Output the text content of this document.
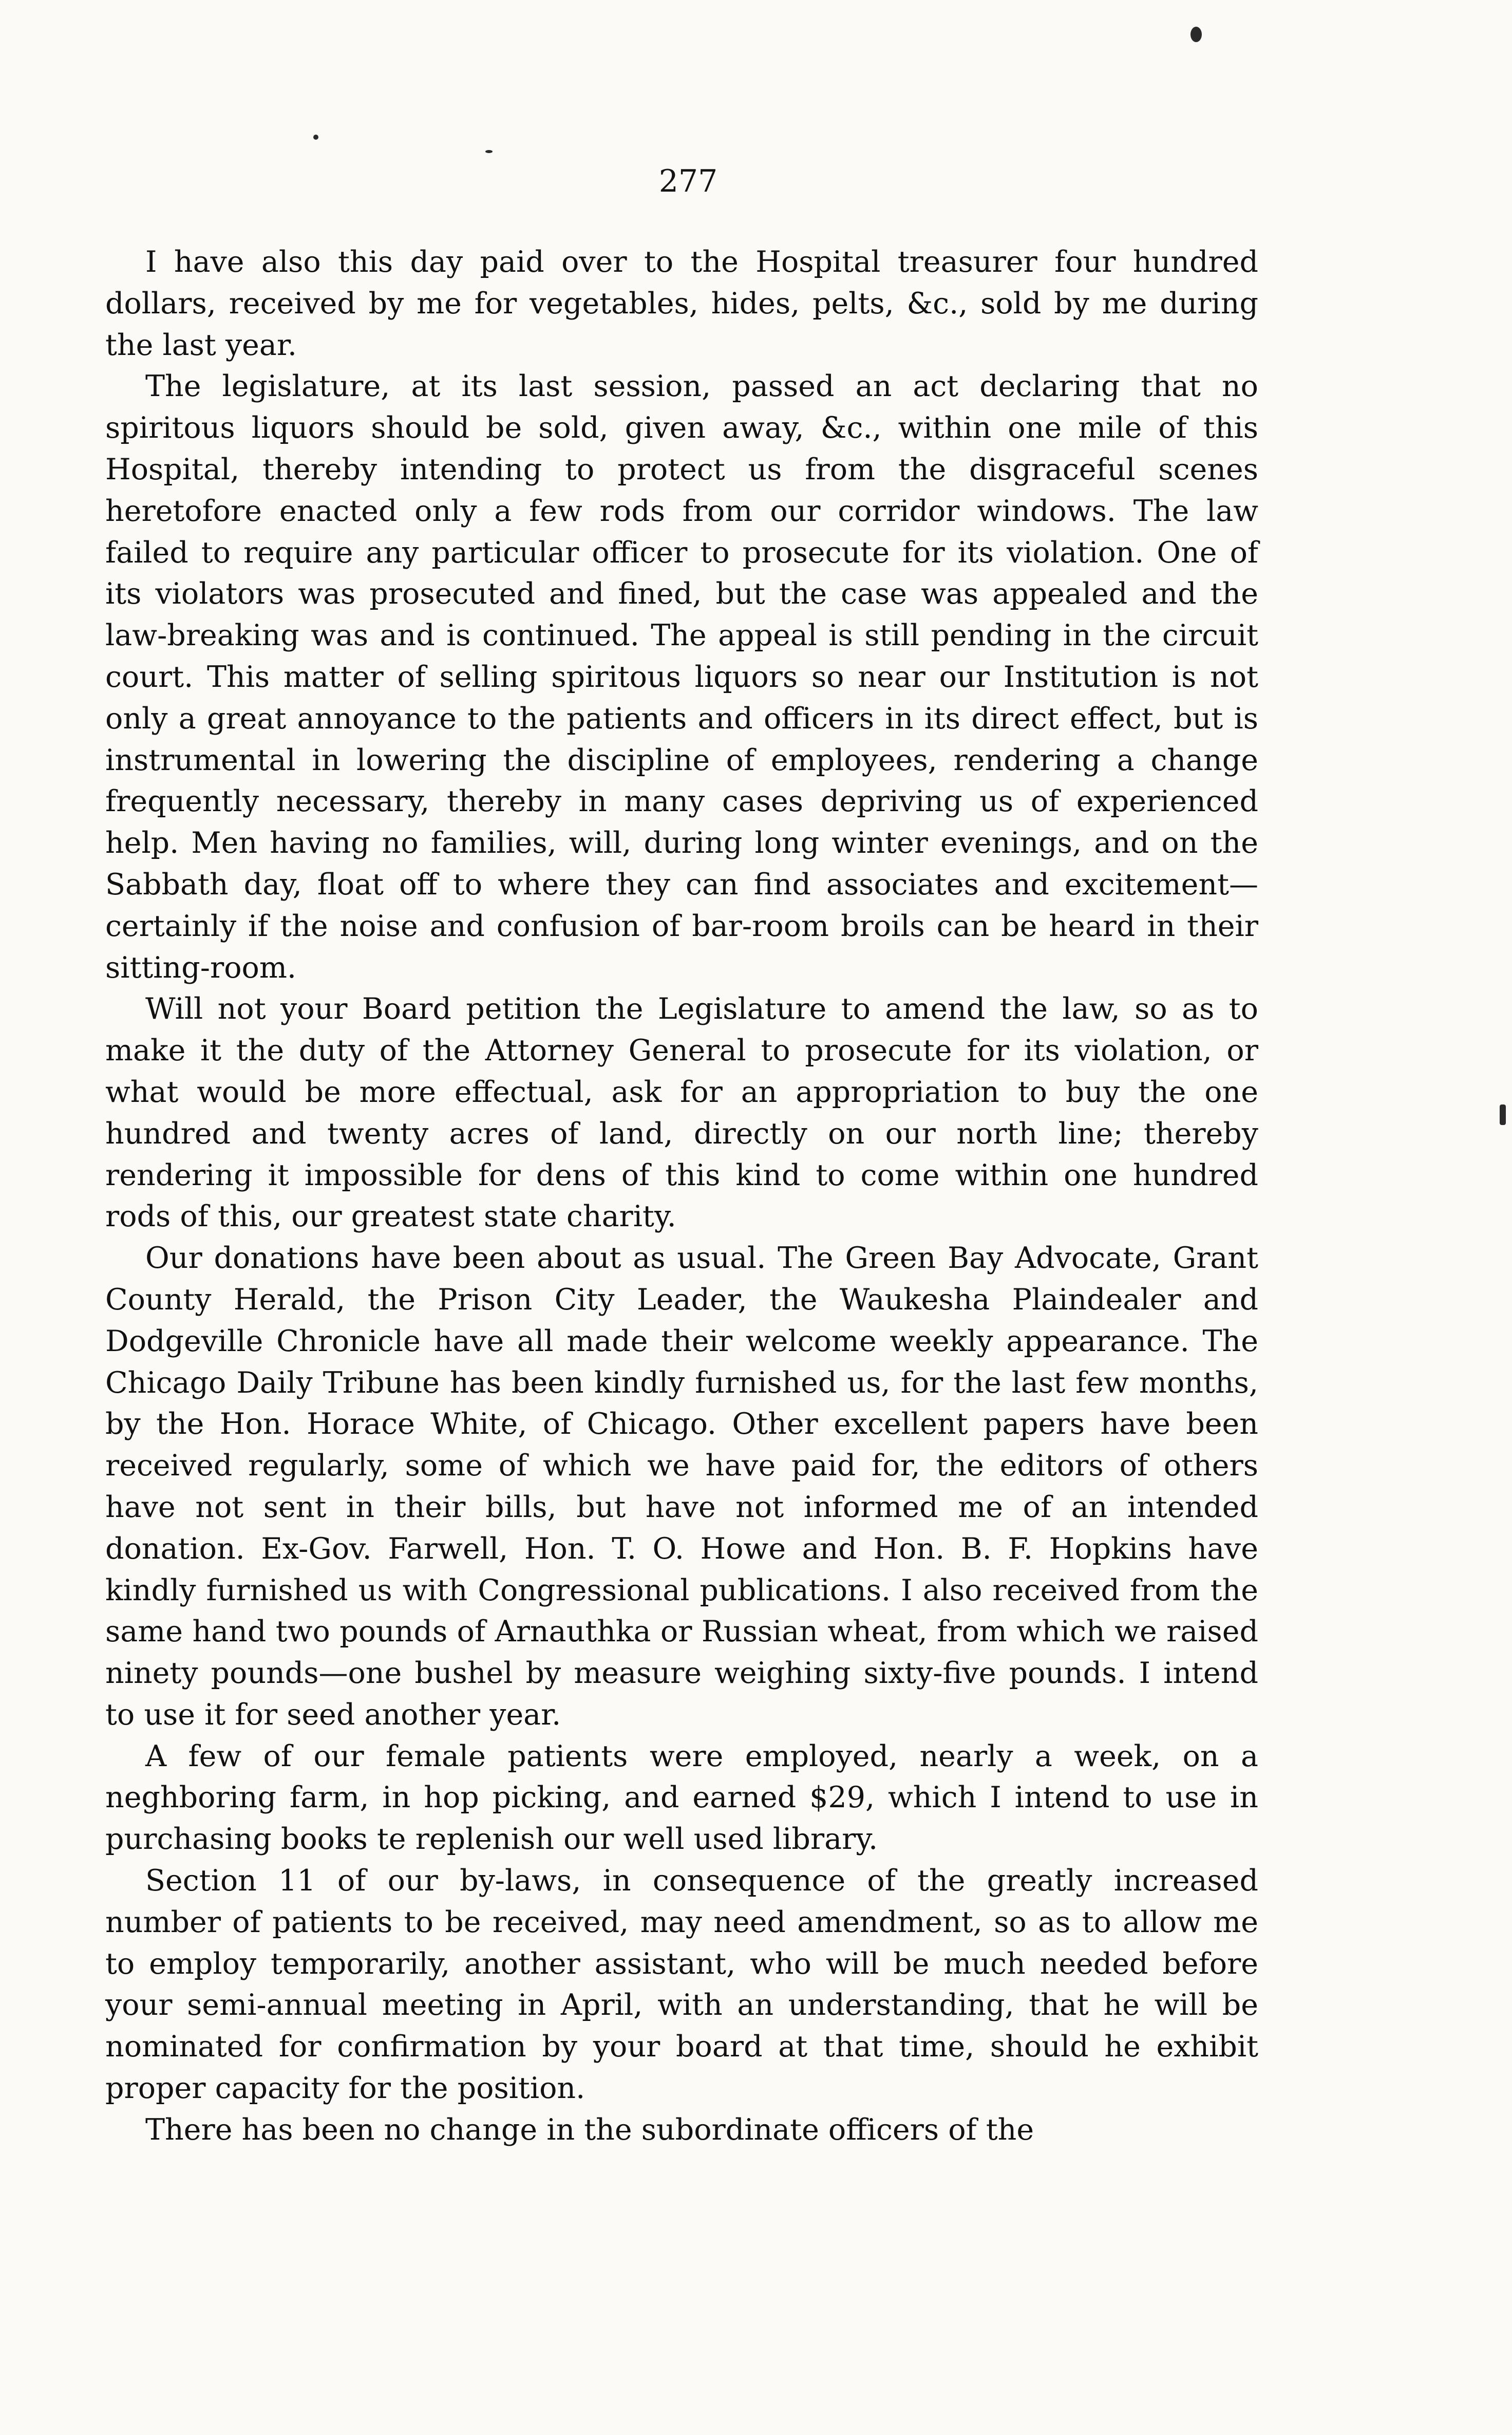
277

I have also this day paid over to the Hospital treasurer four hundred dollars, received by me for vegetables, hides, pelts, &c., sold by me during the last year.

The legislature, at its last session, passed an act declaring that no spiritous liquors should be sold, given away, &c., within one mile of this Hospital, thereby intending to protect us from the disgraceful scenes heretofore enacted only a few rods from our corridor windows. The law failed to require any particular officer to prosecute for its violation. One of its violators was prosecuted and fined, but the case was appealed and the law-breaking was and is continued. The appeal is still pending in the circuit court. This matter of selling spiritous liquors so near our Institution is not only a great annoyance to the patients and officers in its direct effect, but is instrumental in lowering the discipline of employees, rendering a change frequently necessary, thereby in many cases depriving us of experienced help. Men having no families, will, during long winter evenings, and on the Sabbath day, float off to where they can find associates and excitement—certainly if the noise and confusion of bar-room broils can be heard in their sitting-room.

Will not your Board petition the Legislature to amend the law, so as to make it the duty of the Attorney General to prosecute for its violation, or what would be more effectual, ask for an appropriation to buy the one hundred and twenty acres of land, directly on our north line; thereby rendering it impossible for dens of this kind to come within one hundred rods of this, our greatest state charity.

Our donations have been about as usual. The Green Bay Advocate, Grant County Herald, the Prison City Leader, the Waukesha Plaindealer and Dodgeville Chronicle have all made their welcome weekly appearance. The Chicago Daily Tribune has been kindly furnished us, for the last few months, by the Hon. Horace White, of Chicago. Other excellent papers have been received regularly, some of which we have paid for, the editors of others have not sent in their bills, but have not informed me of an intended donation. Ex-Gov. Farwell, Hon. T. O. Howe and Hon. B. F. Hopkins have kindly furnished us with Congressional publications. I also received from the same hand two pounds of Arnauthka or Russian wheat, from which we raised ninety pounds—one bushel by measure weighing sixty-five pounds. I intend to use it for seed another year.

A few of our female patients were employed, nearly a week, on a neghboring farm, in hop picking, and earned $29, which I intend to use in purchasing books te replenish our well used library.

Section 11 of our by-laws, in consequence of the greatly increased number of patients to be received, may need amendment, so as to allow me to employ temporarily, another assistant, who will be much needed before your semi-annual meeting in April, with an understanding, that he will be nominated for confirmation by your board at that time, should he exhibit proper capacity for the position.

There has been no change in the subordinate officers of the
